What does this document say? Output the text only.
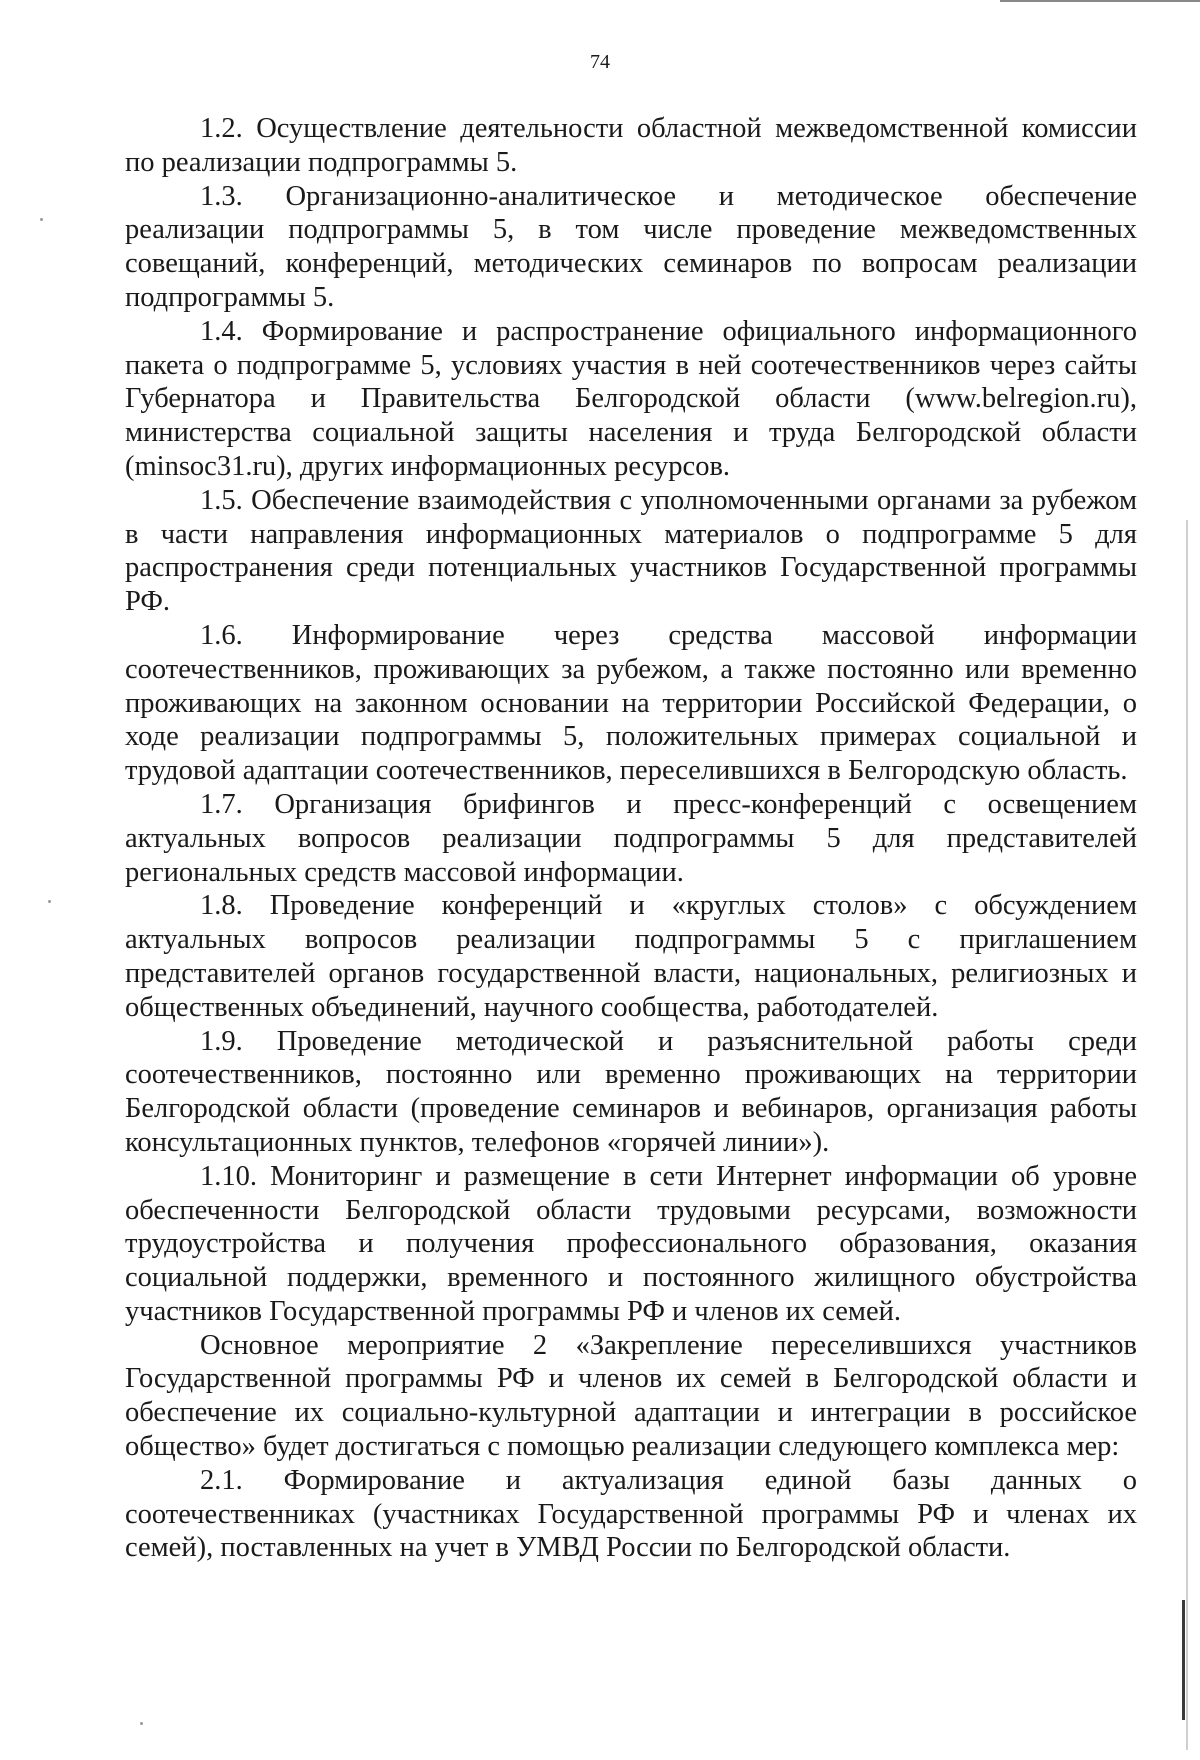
74

1.2. Осуществление деятельности областной межведомственной комиссии по реализации подпрограммы 5.

1.3. Организационно-аналитическое и методическое обеспечение реализации подпрограммы 5, в том числе проведение межведомственных совещаний, конференций, методических семинаров по вопросам реализации подпрограммы 5.

1.4. Формирование и распространение официального информационного пакета о подпрограмме 5, условиях участия в ней соотечественников через сайты Губернатора и Правительства Белгородской области (www.belregion.ru), министерства социальной защиты населения и труда Белгородской области (minsoc31.ru), других информационных ресурсов.

1.5. Обеспечение взаимодействия с уполномоченными органами за рубежом в части направления информационных материалов о подпрограмме 5 для распространения среди потенциальных участников Государственной программы РФ.

1.6. Информирование через средства массовой информации соотечественников, проживающих за рубежом, а также постоянно или временно проживающих на законном основании на территории Российской Федерации, о ходе реализации подпрограммы 5, положительных примерах социальной и трудовой адаптации соотечественников, переселившихся в Белгородскую область.

1.7. Организация брифингов и пресс-конференций с освещением актуальных вопросов реализации подпрограммы 5 для представителей региональных средств массовой информации.

1.8. Проведение конференций и «круглых столов» с обсуждением актуальных вопросов реализации подпрограммы 5 с приглашением представителей органов государственной власти, национальных, религиозных и общественных объединений, научного сообщества, работодателей.

1.9. Проведение методической и разъяснительной работы среди соотечественников, постоянно или временно проживающих на территории Белгородской области (проведение семинаров и вебинаров, организация работы консультационных пунктов, телефонов «горячей линии»).

1.10. Мониторинг и размещение в сети Интернет информации об уровне обеспеченности Белгородской области трудовыми ресурсами, возможности трудоустройства и получения профессионального образования, оказания социальной поддержки, временного и постоянного жилищного обустройства участников Государственной программы РФ и членов их семей.

Основное мероприятие 2 «Закрепление переселившихся участников Государственной программы РФ и членов их семей в Белгородской области и обеспечение их социально-культурной адаптации и интеграции в российское общество» будет достигаться с помощью реализации следующего комплекса мер:

2.1. Формирование и актуализация единой базы данных о соотечественниках (участниках Государственной программы РФ и членах их семей), поставленных на учет в УМВД России по Белгородской области.
